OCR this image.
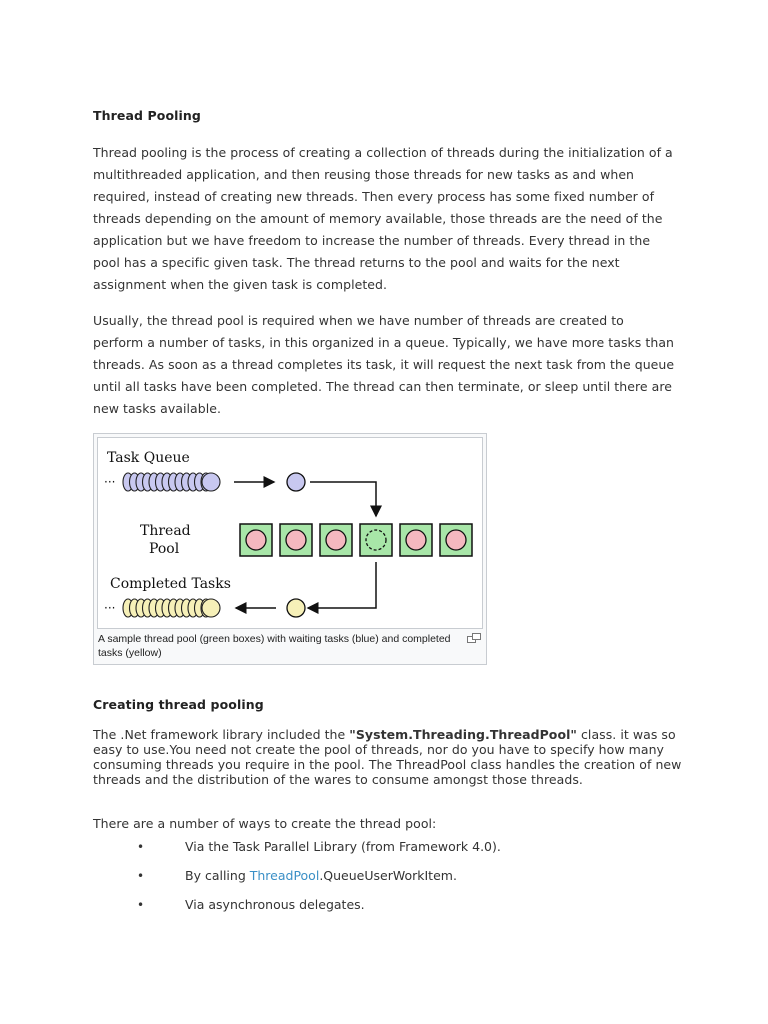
Thread Pooling

Thread pooling is the process of creating a collection of threads during the initialization of a multithreaded application, and then reusing those threads for new tasks as and when required, instead of creating new threads. Then every process has some fixed number of threads depending on the amount of memory available, those threads are the need of the application but we have freedom to increase the number of threads. Every thread in the pool has a specific given task. The thread returns to the pool and waits for the next assignment when the given task is completed.

Usually, the thread pool is required when we have number of threads are created to perform a number of tasks, in this organized in a queue. Typically, we have more tasks than threads. As soon as a thread completes its task, it will request the next task from the queue until all tasks have been completed. The thread can then terminate, or sleep until there are new tasks available.

Task Queue
Thread
Pool
Completed Tasks
···
···
A sample thread pool (green boxes) with waiting tasks (blue) and completed tasks (yellow)
Creating thread pooling

The .Net framework library included the "System.Threading.ThreadPool" class. it was so easy to use.You need not create the pool of threads, nor do you have to specify how many consuming threads you require in the pool. The ThreadPool class handles the creation of new threads and the distribution of the wares to consume amongst those threads.

There are a number of ways to create the thread pool:

•	Via the Task Parallel Library (from Framework 4.0).
•	By calling ThreadPool.QueueUserWorkItem.
•	Via asynchronous delegates.
